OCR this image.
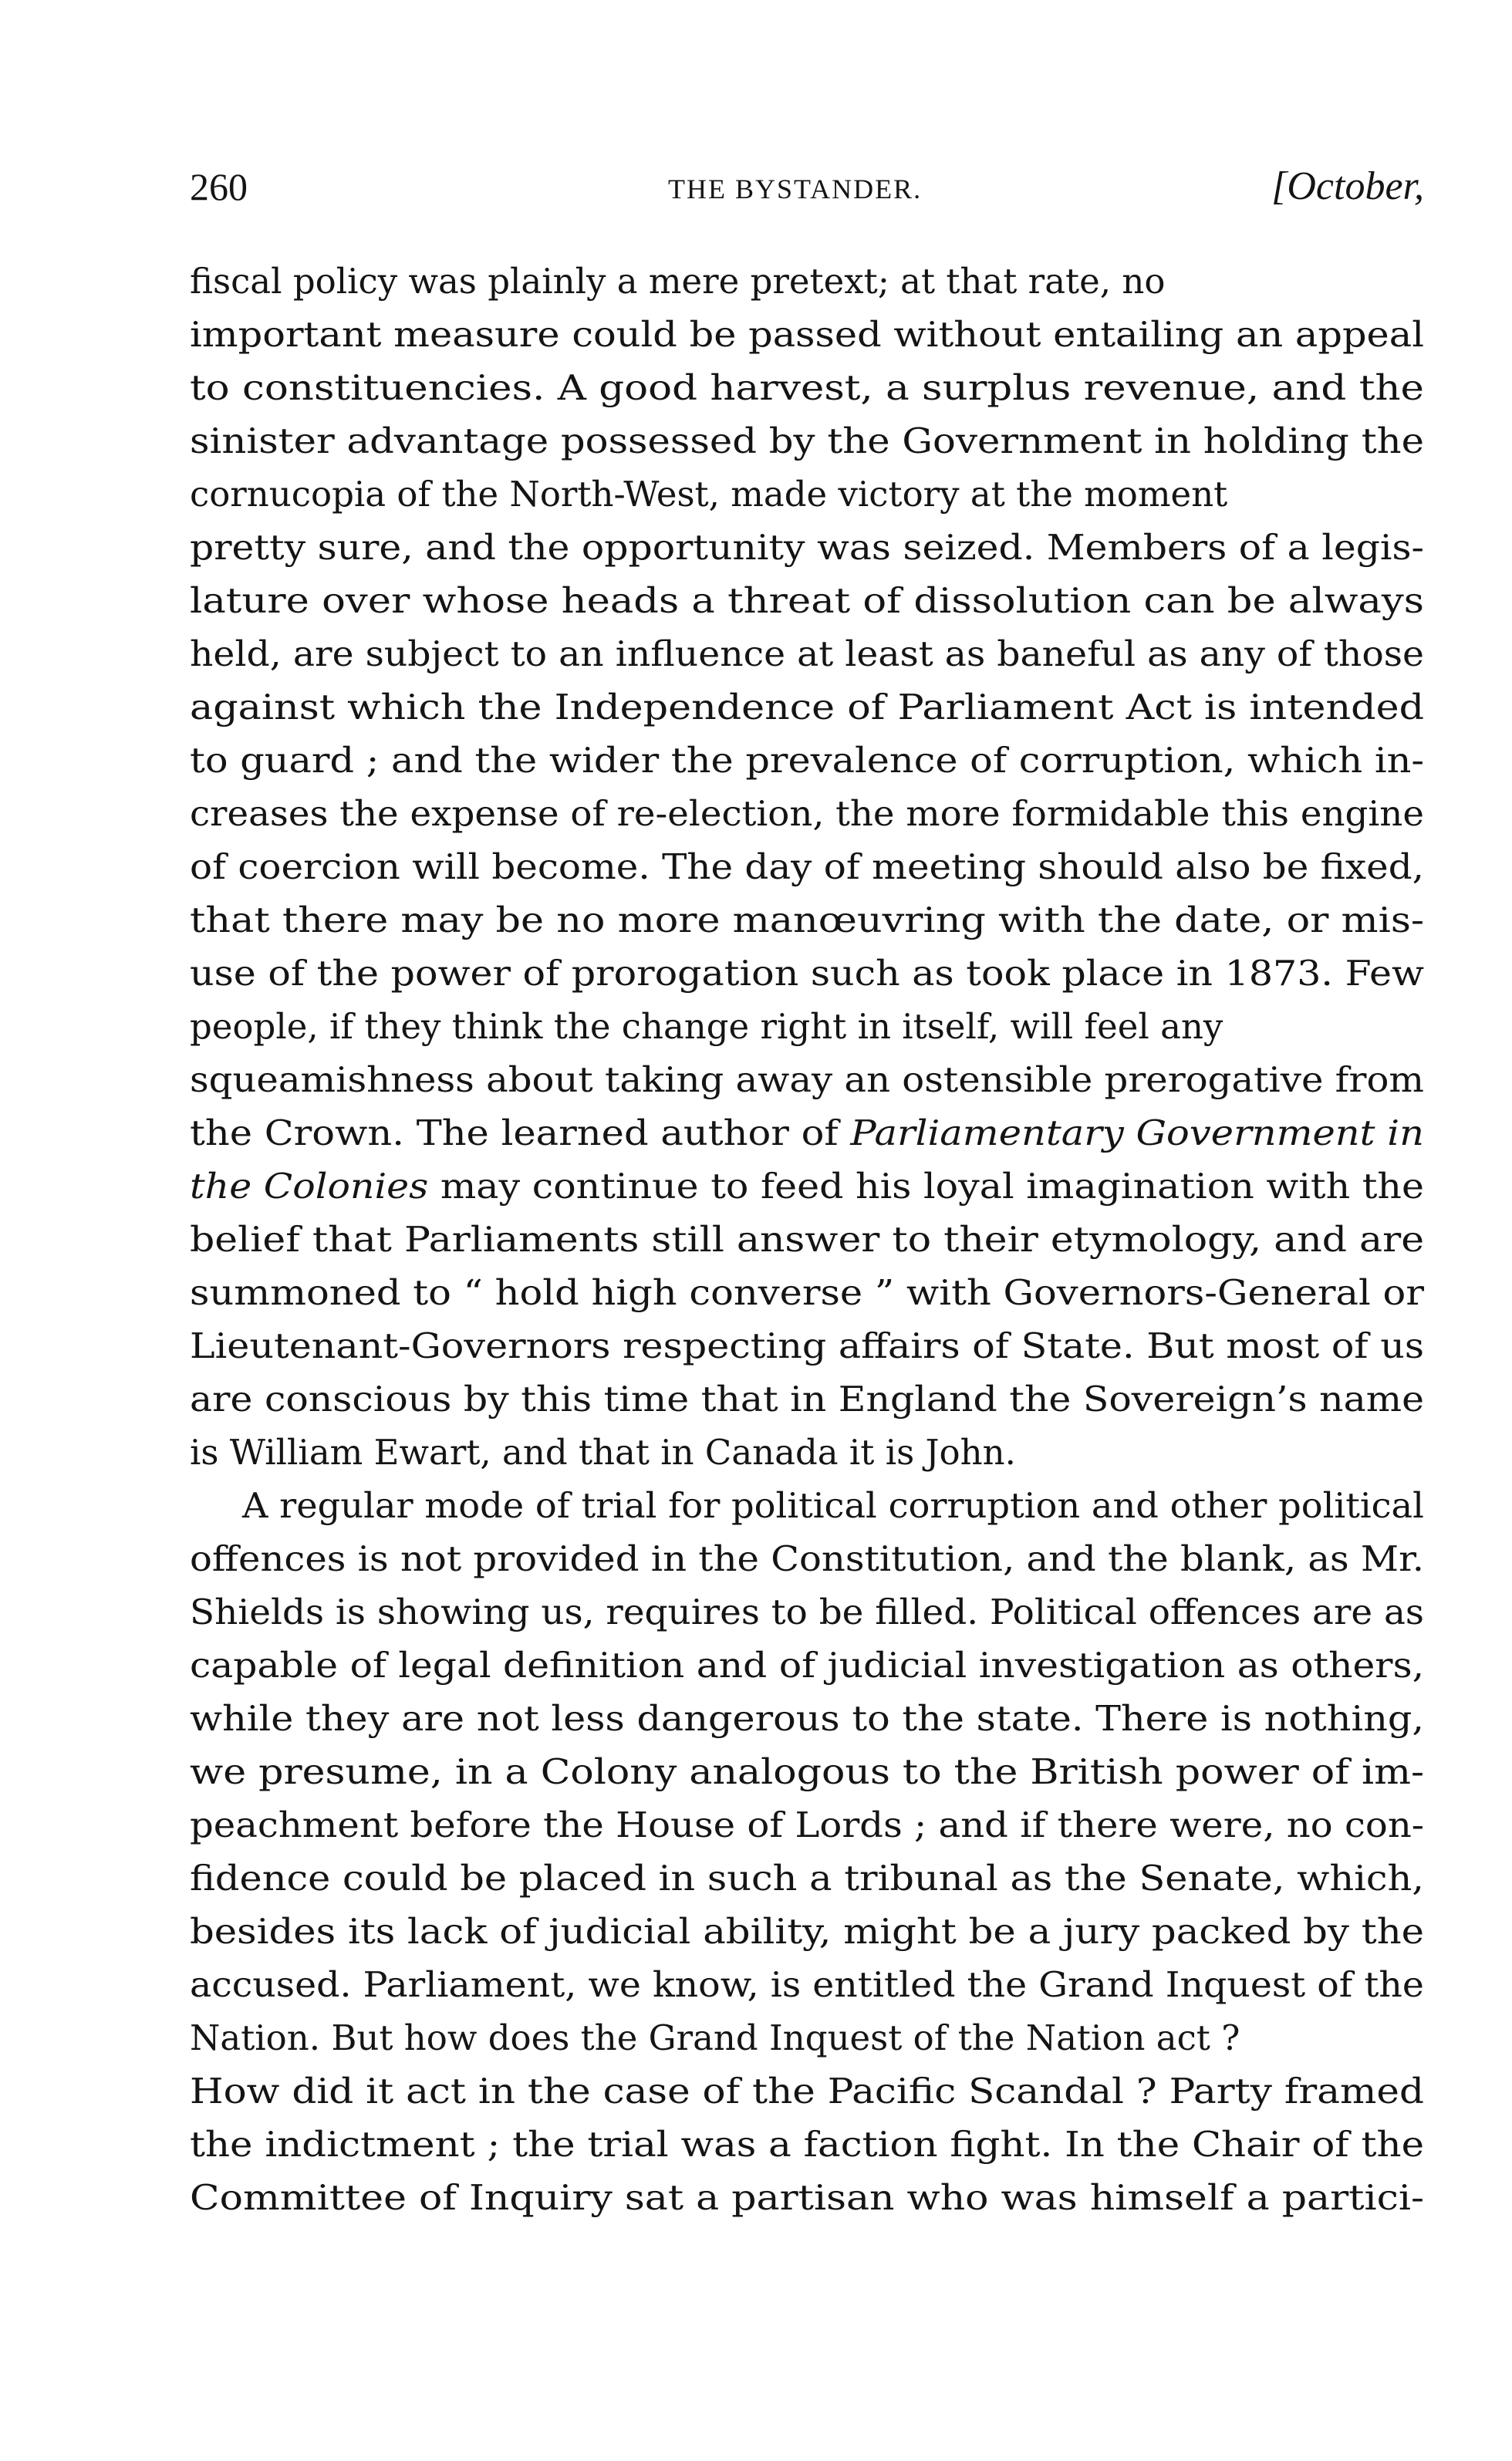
260	THE BYSTANDER.	[October,
fiscal policy was plainly a mere pretext; at that rate, no
important measure could be passed without entailing an appeal
to constituencies. A good harvest, a surplus revenue, and the
sinister advantage possessed by the Government in holding the
cornucopia of the North-West, made victory at the moment
pretty sure, and the opportunity was seized. Members of a legis-
lature over whose heads a threat of dissolution can be always
held, are subject to an influence at least as baneful as any of those
against which the Independence of Parliament Act is intended
to guard ; and the wider the prevalence of corruption, which in-
creases the expense of re-election, the more formidable this engine
of coercion will become. The day of meeting should also be fixed,
that there may be no more manœuvring with the date, or mis-
use of the power of prorogation such as took place in 1873. Few
people, if they think the change right in itself, will feel any
squeamishness about taking away an ostensible prerogative from
the Crown. The learned author of Parliamentary Government in
the Colonies may continue to feed his loyal imagination with the
belief that Parliaments still answer to their etymology, and are
summoned to “ hold high converse ” with Governors-General or
Lieutenant-Governors respecting affairs of State. But most of us
are conscious by this time that in England the Sovereign’s name
is William Ewart, and that in Canada it is John.
A regular mode of trial for political corruption and other political
offences is not provided in the Constitution, and the blank, as Mr.
Shields is showing us, requires to be filled. Political offences are as
capable of legal definition and of judicial investigation as others,
while they are not less dangerous to the state. There is nothing,
we presume, in a Colony analogous to the British power of im-
peachment before the House of Lords ; and if there were, no con-
fidence could be placed in such a tribunal as the Senate, which,
besides its lack of judicial ability, might be a jury packed by the
accused. Parliament, we know, is entitled the Grand Inquest of the
Nation. But how does the Grand Inquest of the Nation act ?
How did it act in the case of the Pacific Scandal ? Party framed
the indictment ; the trial was a faction fight. In the Chair of the
Committee of Inquiry sat a partisan who was himself a partici-
